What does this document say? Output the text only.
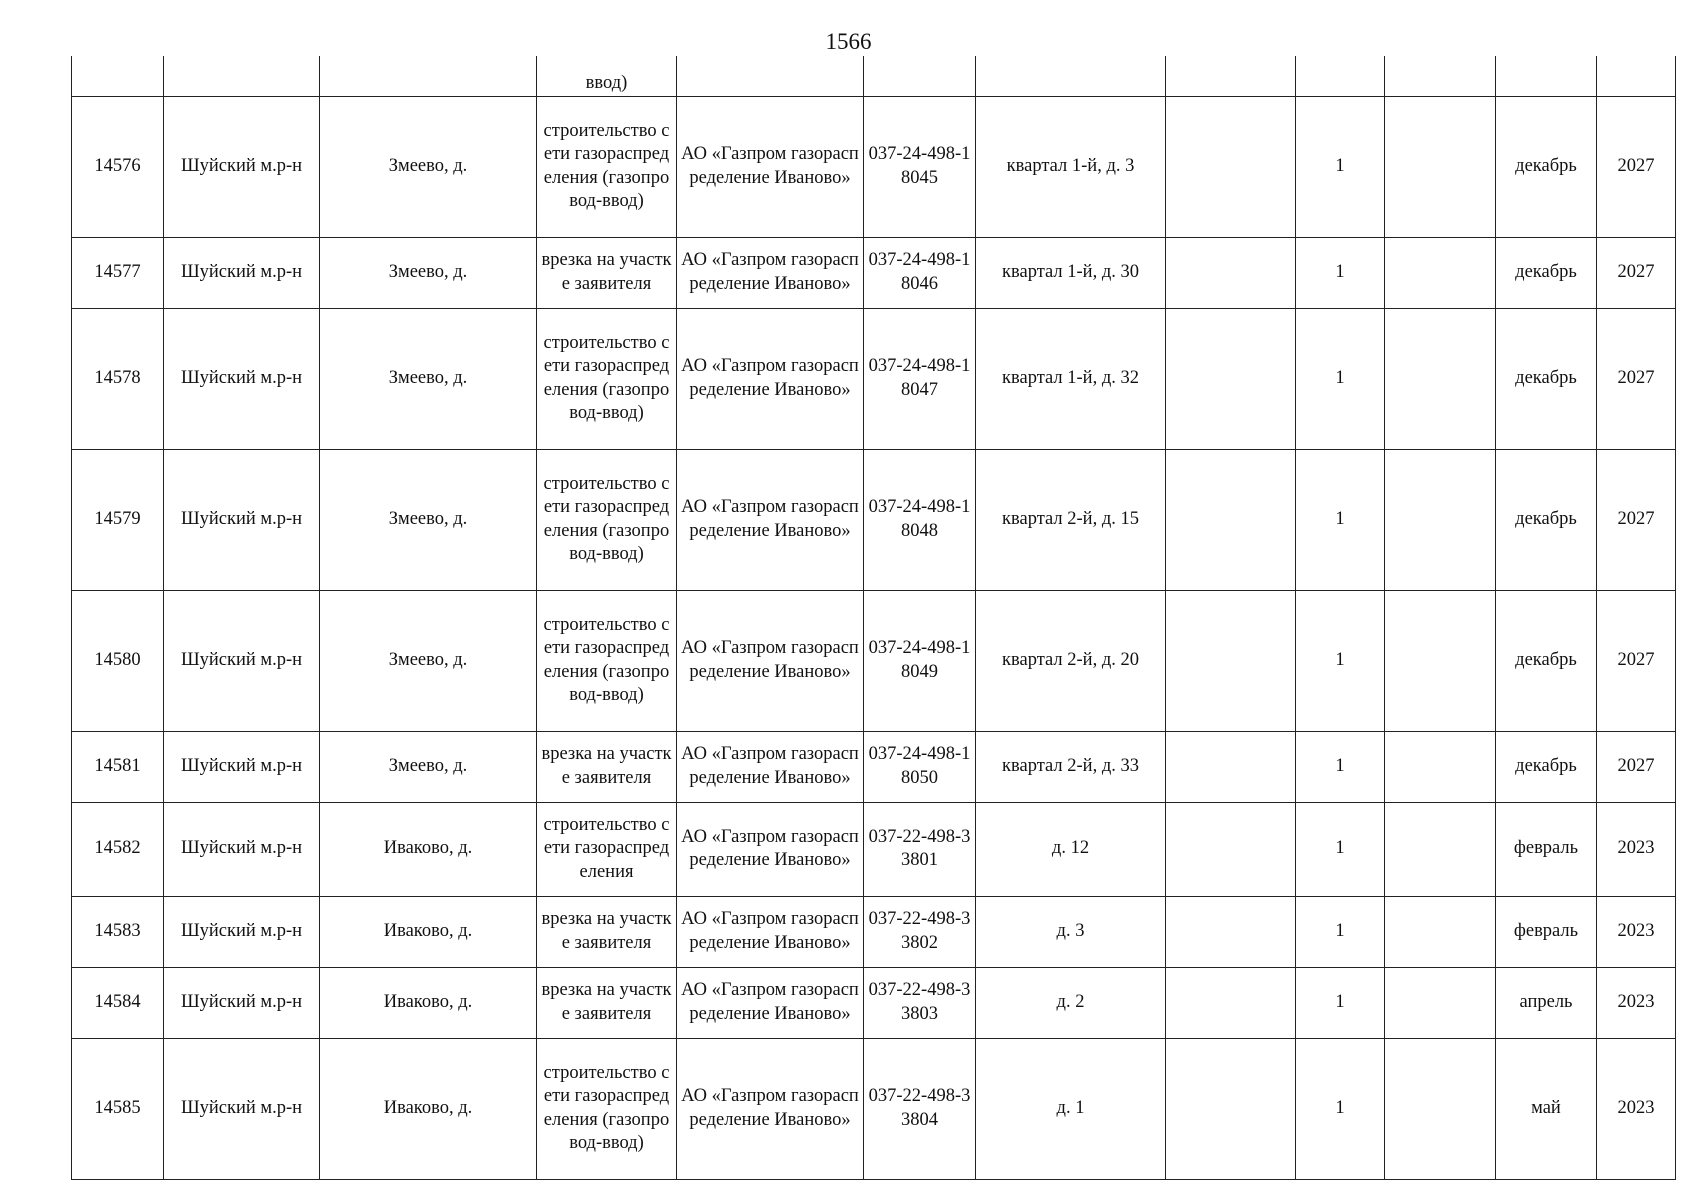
1566
			ввод)								
14576	Шуйский м.р-н	Змеево, д.	строительство сети газораспределения (газопровод-ввод)	АО «Газпром газораспределение Иваново»	037-24-498-18045	квартал 1-й, д. 3		1		декабрь	2027
14577	Шуйский м.р-н	Змеево, д.	врезка на участке заявителя	АО «Газпром газораспределение Иваново»	037-24-498-18046	квартал 1-й, д. 30		1		декабрь	2027
14578	Шуйский м.р-н	Змеево, д.	строительство сети газораспределения (газопровод-ввод)	АО «Газпром газораспределение Иваново»	037-24-498-18047	квартал 1-й, д. 32		1		декабрь	2027
14579	Шуйский м.р-н	Змеево, д.	строительство сети газораспределения (газопровод-ввод)	АО «Газпром газораспределение Иваново»	037-24-498-18048	квартал 2-й, д. 15		1		декабрь	2027
14580	Шуйский м.р-н	Змеево, д.	строительство сети газораспределения (газопровод-ввод)	АО «Газпром газораспределение Иваново»	037-24-498-18049	квартал 2-й, д. 20		1		декабрь	2027
14581	Шуйский м.р-н	Змеево, д.	врезка на участке заявителя	АО «Газпром газораспределение Иваново»	037-24-498-18050	квартал 2-й, д. 33		1		декабрь	2027
14582	Шуйский м.р-н	Иваково, д.	строительство сети газораспределения	АО «Газпром газораспределение Иваново»	037-22-498-33801	д. 12		1		февраль	2023
14583	Шуйский м.р-н	Иваково, д.	врезка на участке заявителя	АО «Газпром газораспределение Иваново»	037-22-498-33802	д. 3		1		февраль	2023
14584	Шуйский м.р-н	Иваково, д.	врезка на участке заявителя	АО «Газпром газораспределение Иваново»	037-22-498-33803	д. 2		1		апрель	2023
14585	Шуйский м.р-н	Иваково, д.	строительство сети газораспределения (газопровод-ввод)	АО «Газпром газораспределение Иваново»	037-22-498-33804	д. 1		1		май	2023
